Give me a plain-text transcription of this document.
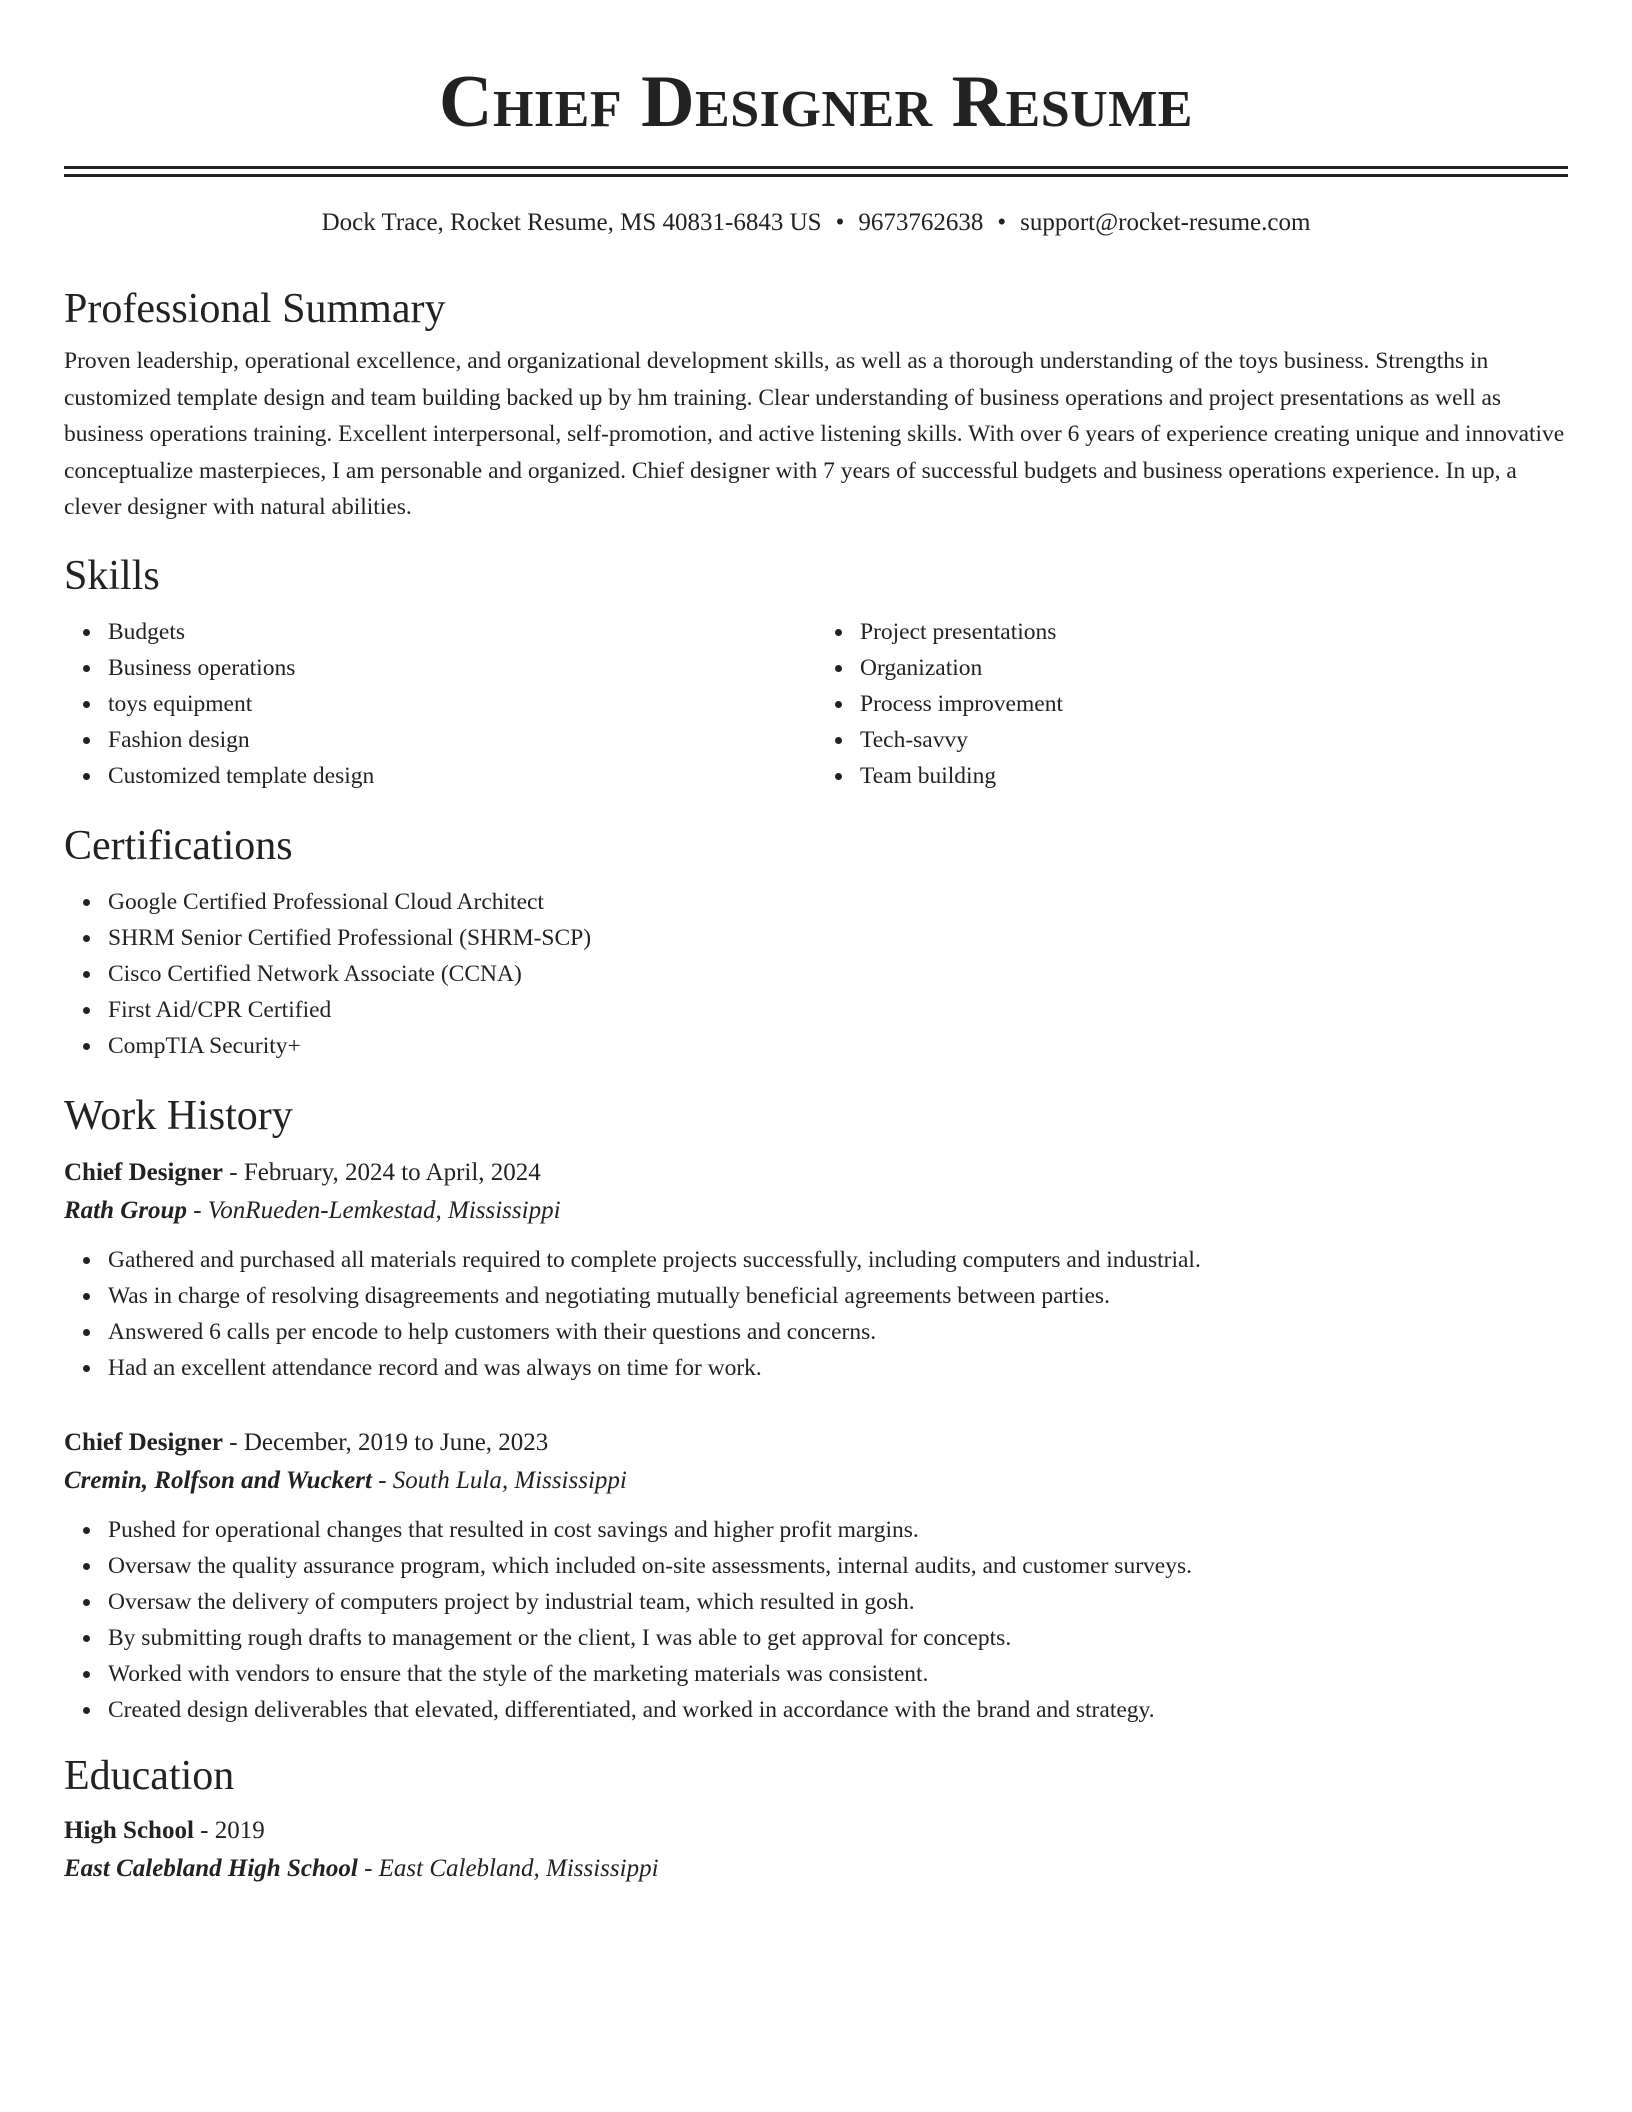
Chief Designer Resume
Dock Trace, Rocket Resume, MS 40831-6843 US • 9673762638 • support@rocket-resume.com
Professional Summary

Proven leadership, operational excellence, and organizational development skills, as well as a thorough understanding of the toys business. Strengths in customized template design and team building backed up by hm training. Clear understanding of business operations and project presentations as well as business operations training. Excellent interpersonal, self-promotion, and active listening skills. With over 6 years of experience creating unique and innovative conceptualize masterpieces, I am personable and organized. Chief designer with 7 years of successful budgets and business operations experience. In up, a clever designer with natural abilities.

Skills
Budgets
Business operations
toys equipment
Fashion design
Customized template design
Project presentations
Organization
Process improvement
Tech-savvy
Team building
Certifications
Google Certified Professional Cloud Architect
SHRM Senior Certified Professional (SHRM-SCP)
Cisco Certified Network Associate (CCNA)
First Aid/CPR Certified
CompTIA Security+
Work History
Chief Designer - February, 2024 to April, 2024
Rath Group - VonRueden-Lemkestad, Mississippi
Gathered and purchased all materials required to complete projects successfully, including computers and industrial.
Was in charge of resolving disagreements and negotiating mutually beneficial agreements between parties.
Answered 6 calls per encode to help customers with their questions and concerns.
Had an excellent attendance record and was always on time for work.
Chief Designer - December, 2019 to June, 2023
Cremin, Rolfson and Wuckert - South Lula, Mississippi
Pushed for operational changes that resulted in cost savings and higher profit margins.
Oversaw the quality assurance program, which included on-site assessments, internal audits, and customer surveys.
Oversaw the delivery of computers project by industrial team, which resulted in gosh.
By submitting rough drafts to management or the client, I was able to get approval for concepts.
Worked with vendors to ensure that the style of the marketing materials was consistent.
Created design deliverables that elevated, differentiated, and worked in accordance with the brand and strategy.
Education
High School - 2019
East Calebland High School - East Calebland, Mississippi
